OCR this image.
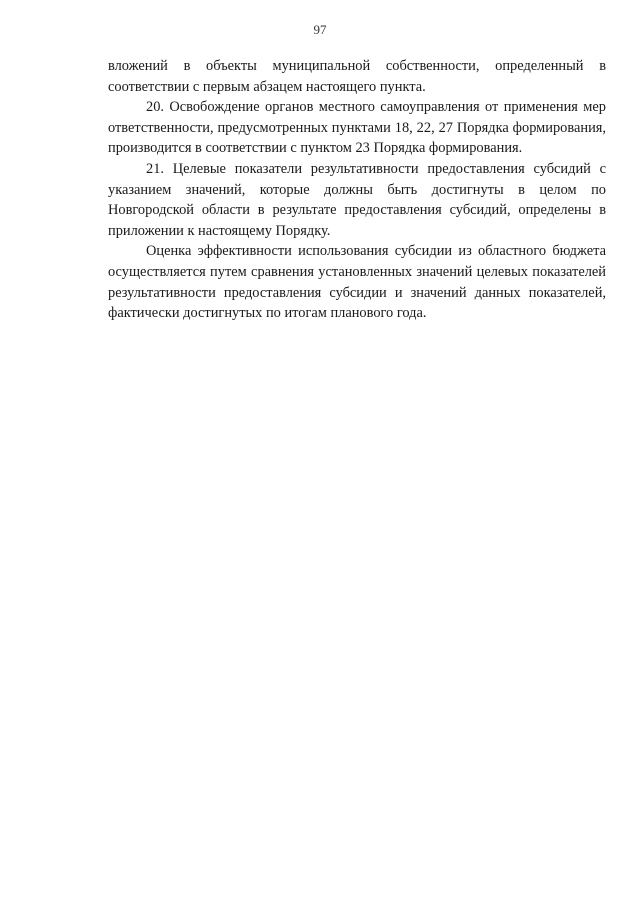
97

вложений в объекты муниципальной собственности, определенный в соответствии с первым абзацем настоящего пункта.

20. Освобождение органов местного самоуправления от применения мер ответственности, предусмотренных пунктами 18, 22, 27 Порядка формирования, производится в соответствии с пунктом 23 Порядка формирования.

21. Целевые показатели результативности предоставления субсидий с указанием значений, которые должны быть достигнуты в целом по Новгородской области в результате предоставления субсидий, определены в приложении к настоящему Порядку.

Оценка эффективности использования субсидии из областного бюджета осуществляется путем сравнения установленных значений целевых показателей результативности предоставления субсидии и значений данных показателей, фактически достигнутых по итогам планового года.
